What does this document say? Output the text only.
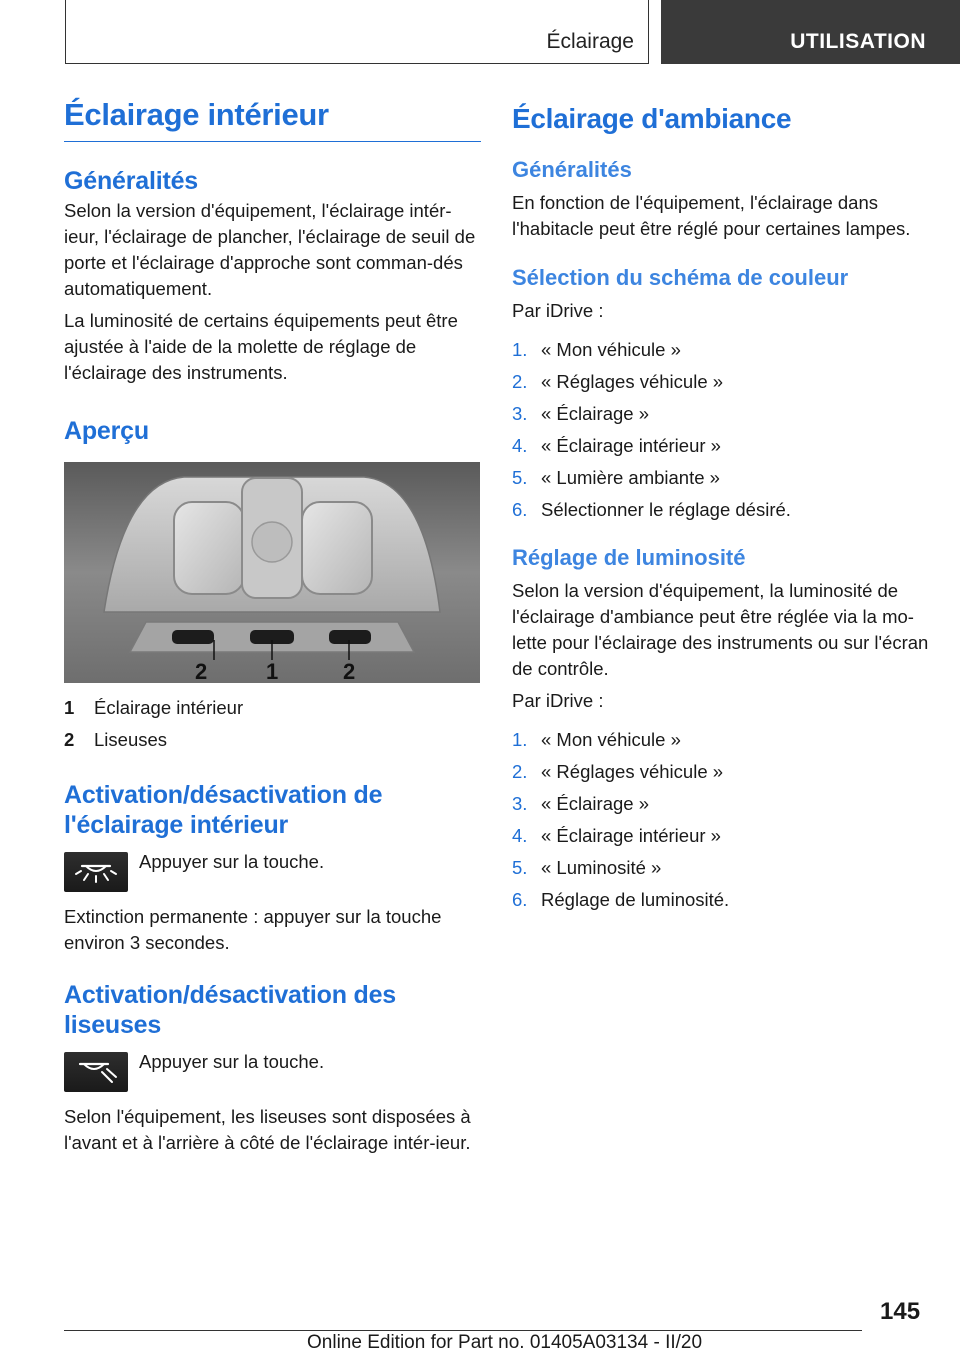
Éclairage	UTILISATION
Éclairage intérieur
Généralités

Selon la version d'équipement, l'éclairage intér-ieur, l'éclairage de plancher, l'éclairage de seuil de porte et l'éclairage d'approche sont comman-dés automatiquement.

La luminosité de certains équipements peut être ajustée à l'aide de la molette de réglage de l'éclairage des instruments.

Aperçu
2	1	2
1	Éclairage intérieur
2	Liseuses
Activation/désactivation de l'éclairage intérieur

Appuyer sur la touche.

Extinction permanente : appuyer sur la touche environ 3 secondes.

Activation/désactivation des liseuses

Appuyer sur la touche.

Selon l'équipement, les liseuses sont disposées à l'avant et à l'arrière à côté de l'éclairage intér-ieur.

Éclairage d'ambiance
Généralités

En fonction de l'équipement, l'éclairage dans l'habitacle peut être réglé pour certaines lampes.

Sélection du schéma de couleur

Par iDrive :

1. « Mon véhicule »
2. « Réglages véhicule »
3. « Éclairage »
4. « Éclairage intérieur »
5. « Lumière ambiante »
6. Sélectionner le réglage désiré.
Réglage de luminosité

Selon la version d'équipement, la luminosité de l'éclairage d'ambiance peut être réglée via la mo-lette pour l'éclairage des instruments ou sur l'écran de contrôle.

Par iDrive :

1. « Mon véhicule »
2. « Réglages véhicule »
3. « Éclairage »
4. « Éclairage intérieur »
5. « Luminosité »
6. Réglage de luminosité.
145
Online Edition for Part no. 01405A03134 - II/20
